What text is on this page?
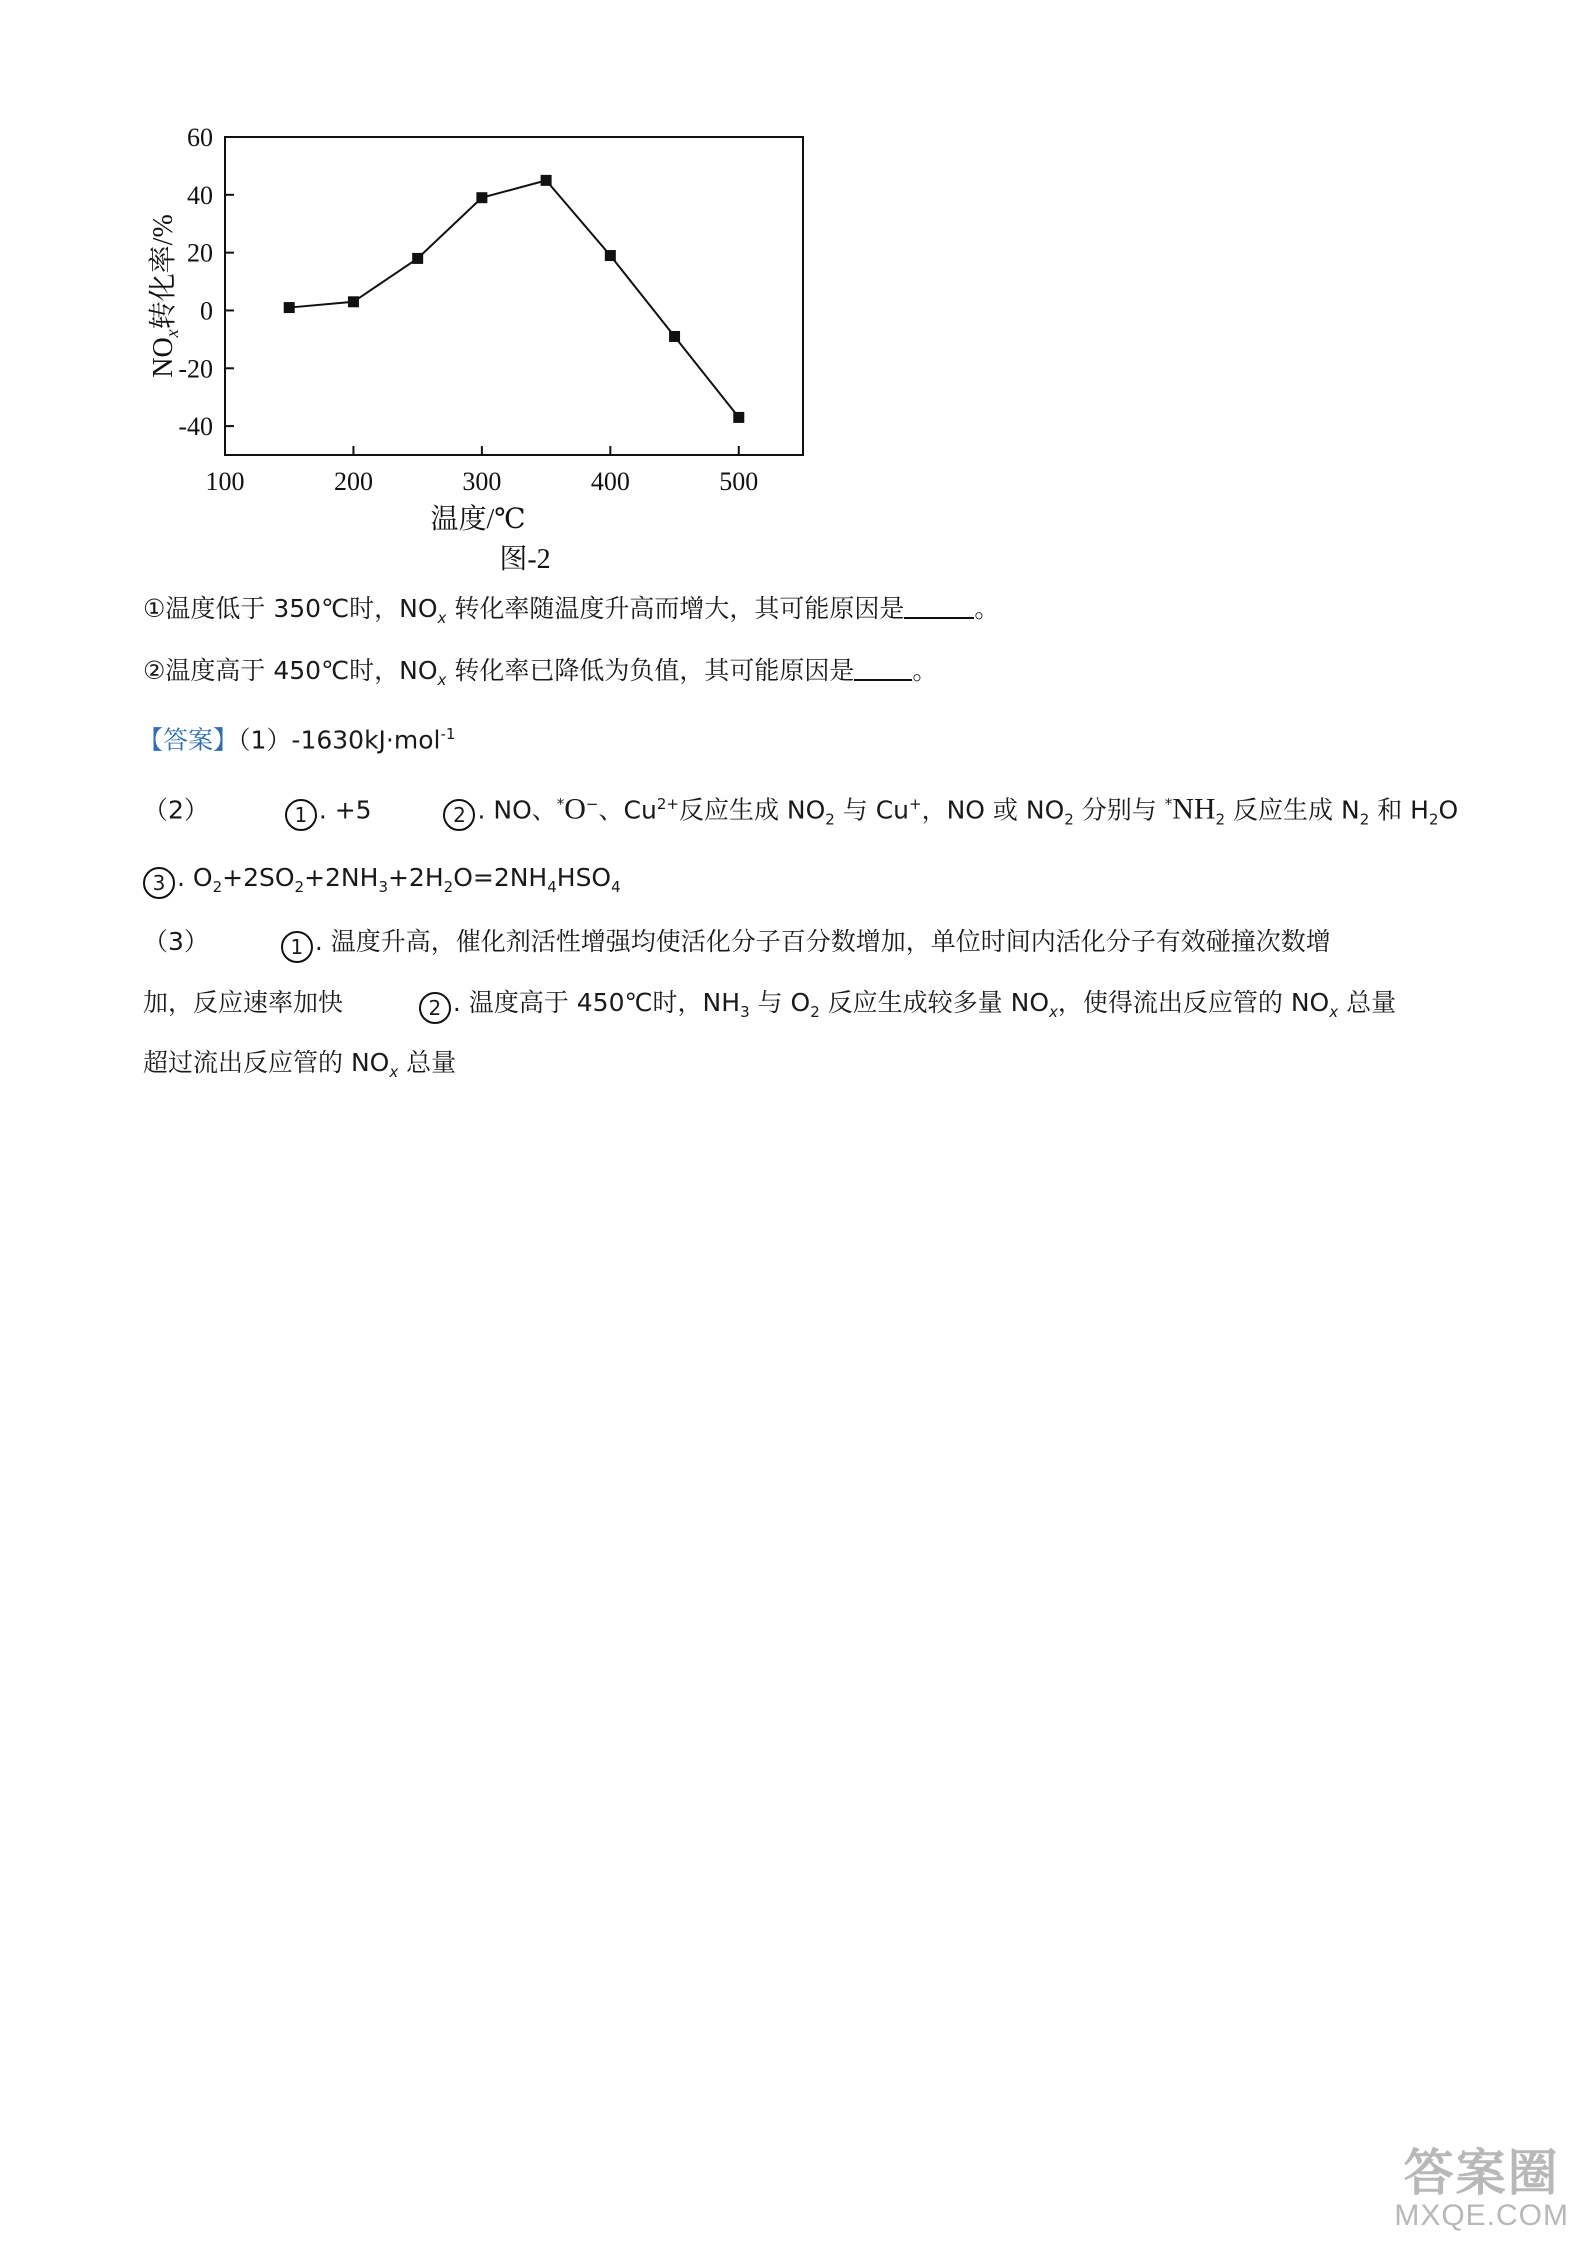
60
40
20
0
-20
-40
100	200	300	400	500
温度/℃
图-2
$NO_x$转化率/%
①温度低于 350℃时，$NO_x$ 转化率随温度升高而增大，其可能原因是	。
②温度高于 450℃时，$NO_x$ 转化率已降低为负值，其可能原因是 。
【答案】（1）-1630kJ·mol$^{-1}$
（2）	1 . +5	2 . NO、*O−、$Cu^{2+}$反应生成 $NO_2$ 与 Cu+，NO 或 $NO_2$ 分别与 $^*NH_2$ 反应生成 $N_2$ 和 $H_2O$
3 . $O_2+2SO_2+2NH_3+2H_2O=2NH_4HSO_4$
（3）	1 . 温度升高，催化剂活性增强均使活化分子百分数增加，单位时间内活化分子有效碰撞次数增
加，反应速率加快	2 . 温度高于 450℃时，$NH_3$ 与 $O_2$ 反应生成较多量 $NO_x$，使得流出反应管的 $NO_x$ 总量
超过流出反应管的 $NO_x$ 总量
答案圈
MXQE.COM
